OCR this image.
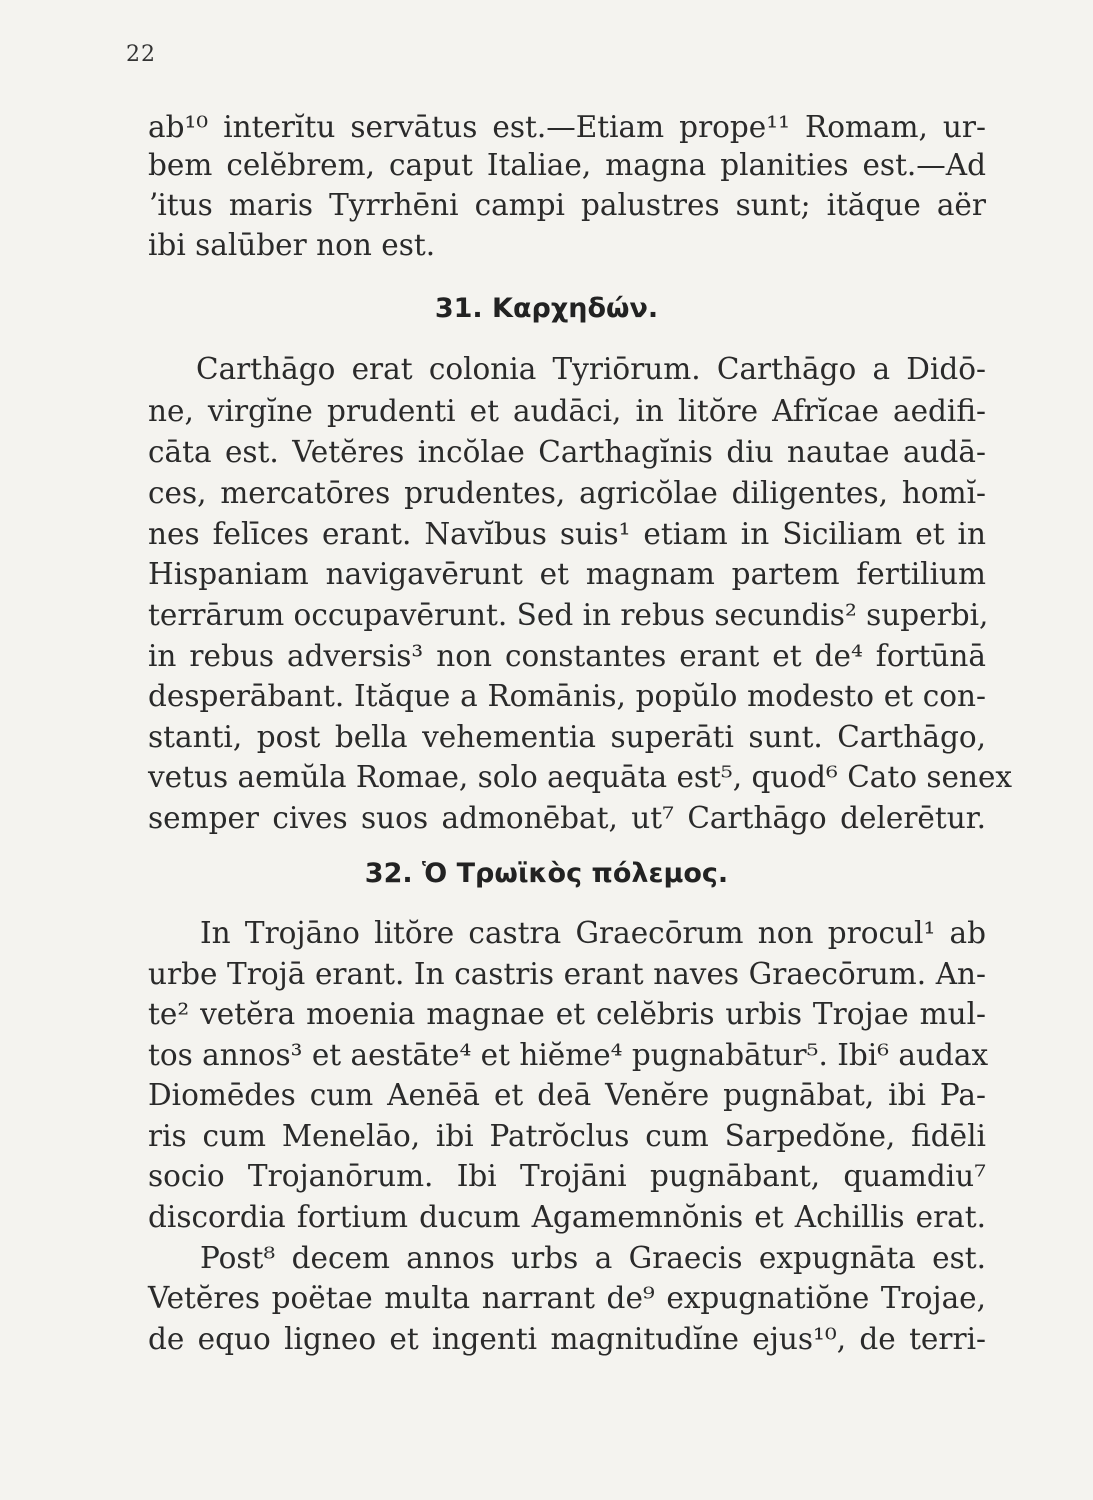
22
ab¹⁰ interĭtu servātus est.—Etiam prope¹¹ Romam, ur-
bem celĕbrem, caput Italiae, magna planities est.—Ad
ʼitus maris Tyrrhēni campi palustres sunt; ităque aër
ibi salūber non est.
31. Καρχηδών.
Carthāgo erat colonia Tyriōrum. Carthāgo a Didō-
ne, virgĭne prudenti et audāci, in litŏre Afrĭcae aedifi-
cāta est. Vetĕres incŏlae Carthagĭnis diu nautae audā-
ces, mercatōres prudentes, agricŏlae diligentes, homĭ-
nes felīces erant. Navĭbus suis¹ etiam in Siciliam et in
Hispaniam navigavērunt et magnam partem fertilium
terrārum occupavērunt. Sed in rebus secundis² superbi,
in rebus adversis³ non constantes erant et de⁴ fortūnā
desperābant. Ităque a Romānis, popŭlo modesto et con-
stanti, post bella vehementia superāti sunt. Carthāgo,
vetus aemŭla Romae, solo aequāta est⁵, quod⁶ Cato senex
semper cives suos admonēbat, ut⁷ Carthāgo delerētur.
32. Ὁ Τρωϊκὸς πόλεμος.
In Trojāno litŏre castra Graecōrum non procul¹ ab
urbe Trojā erant. In castris erant naves Graecōrum. An-
te² vetĕra moenia magnae et celĕbris urbis Trojae mul-
tos annos³ et aestāte⁴ et hiĕme⁴ pugnabātur⁵. Ibi⁶ audax
Diomēdes cum Aenēā et deā Venĕre pugnābat, ibi Pa-
ris cum Menelāo, ibi Patrŏclus cum Sarpedŏne, fidēli
socio Trojanōrum. Ibi Trojāni pugnābant, quamdiu⁷
discordia fortium ducum Agamemnŏnis et Achillis erat.
Post⁸ decem annos urbs a Graecis expugnāta est.
Vetĕres poëtae multa narrant de⁹ expugnatiŏne Trojae,
de equo ligneo et ingenti magnitudĭne ejus¹⁰, de terri-
